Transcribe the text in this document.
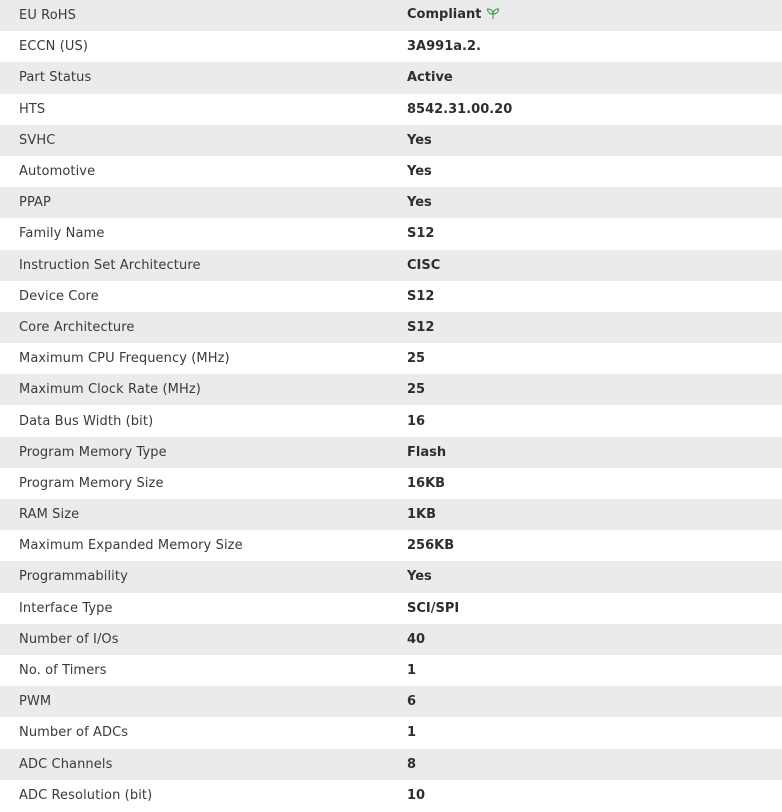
EU RoHS	Compliant
ECCN (US)	3A991a.2.
Part Status	Active
HTS	8542.31.00.20
SVHC	Yes
Automotive	Yes
PPAP	Yes
Family Name	S12
Instruction Set Architecture	CISC
Device Core	S12
Core Architecture	S12
Maximum CPU Frequency (MHz)	25
Maximum Clock Rate (MHz)	25
Data Bus Width (bit)	16
Program Memory Type	Flash
Program Memory Size	16KB
RAM Size	1KB
Maximum Expanded Memory Size	256KB
Programmability	Yes
Interface Type	SCI/SPI
Number of I/Os	40
No. of Timers	1
PWM	6
Number of ADCs	1
ADC Channels	8
ADC Resolution (bit)	10
